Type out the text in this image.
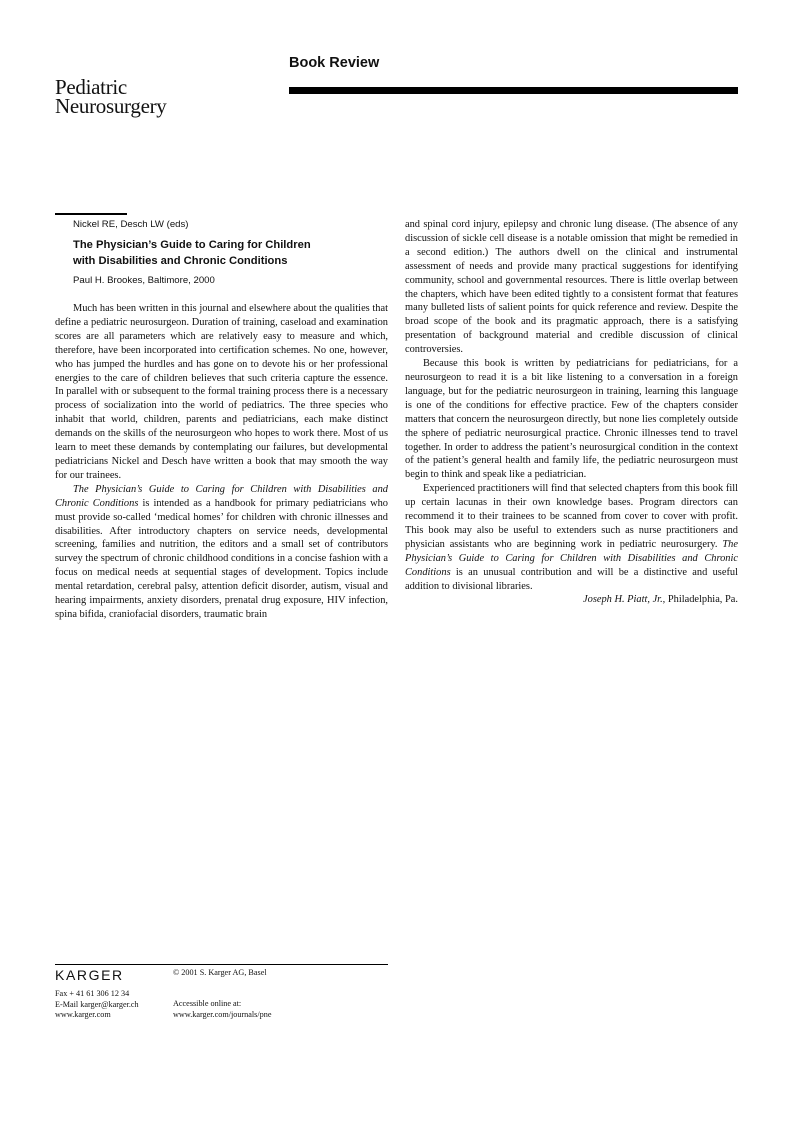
Book Review
Pediatric
Neurosurgery
Nickel RE, Desch LW (eds)
The Physician’s Guide to Caring for Children
with Disabilities and Chronic Conditions
Paul H. Brookes, Baltimore, 2000

Much has been written in this journal and elsewhere about the qualities that define a pediatric neurosurgeon. Duration of training, caseload and examination scores are all parameters which are relatively easy to measure and which, therefore, have been incorporated into certification schemes. No one, however, who has jumped the hurdles and has gone on to devote his or her professional energies to the care of children believes that such criteria capture the essence. In parallel with or subsequent to the formal training process there is a necessary process of socialization into the world of pediatrics. The three species who inhabit that world, children, parents and pediatricians, each make distinct demands on the skills of the neurosurgeon who hopes to work there. Most of us learn to meet these demands by contemplating our failures, but developmental pediatricians Nickel and Desch have written a book that may smooth the way for our trainees.

The Physician’s Guide to Caring for Children with Disabilities and Chronic Conditions is intended as a handbook for primary pediatricians who must provide so-called ‘medical homes’ for children with chronic illnesses and disabilities. After introductory chapters on service needs, developmental screening, families and nutrition, the editors and a small set of contributors survey the spectrum of chronic childhood conditions in a concise fashion with a focus on medical needs at sequential stages of development. Topics include mental retardation, cerebral palsy, attention deficit disorder, autism, visual and hearing impairments, anxiety disorders, prenatal drug exposure, HIV infection, spina bifida, craniofacial disorders, traumatic brain

and spinal cord injury, epilepsy and chronic lung disease. (The absence of any discussion of sickle cell disease is a notable omission that might be remedied in a second edition.) The authors dwell on the clinical and instrumental assessment of needs and provide many practical suggestions for identifying community, school and governmental resources. There is little overlap between the chapters, which have been edited tightly to a consistent format that features many bulleted lists of salient points for quick reference and review. Despite the broad scope of the book and its pragmatic approach, there is a satisfying presentation of background material and credible discussion of clinical controversies.

Because this book is written by pediatricians for pediatricians, for a neurosurgeon to read it is a bit like listening to a conversation in a foreign language, but for the pediatric neurosurgeon in training, learning this language is one of the conditions for effective practice. Few of the chapters consider matters that concern the neurosurgeon directly, but none lies completely outside the sphere of pediatric neurosurgical practice. Chronic illnesses tend to travel together. In order to address the patient’s neurosurgical condition in the context of the patient’s general health and family life, the pediatric neurosurgeon must begin to think and speak like a pediatrician.

Experienced practitioners will find that selected chapters from this book fill up certain lacunas in their own knowledge bases. Program directors can recommend it to their trainees to be scanned from cover to cover with profit. This book may also be useful to extenders such as nurse practitioners and physician assistants who are beginning work in pediatric neurosurgery. The Physician’s Guide to Caring for Children with Disabilities and Chronic Conditions is an unusual contribution and will be a distinctive and useful addition to divisional libraries.

Joseph H. Piatt, Jr., Philadelphia, Pa.
KARGER	© 2001 S. Karger AG, Basel
Fax + 41 61 306 12 34
E-Mail karger@karger.ch
www.karger.com
Accessible online at:
www.karger.com/journals/pne
